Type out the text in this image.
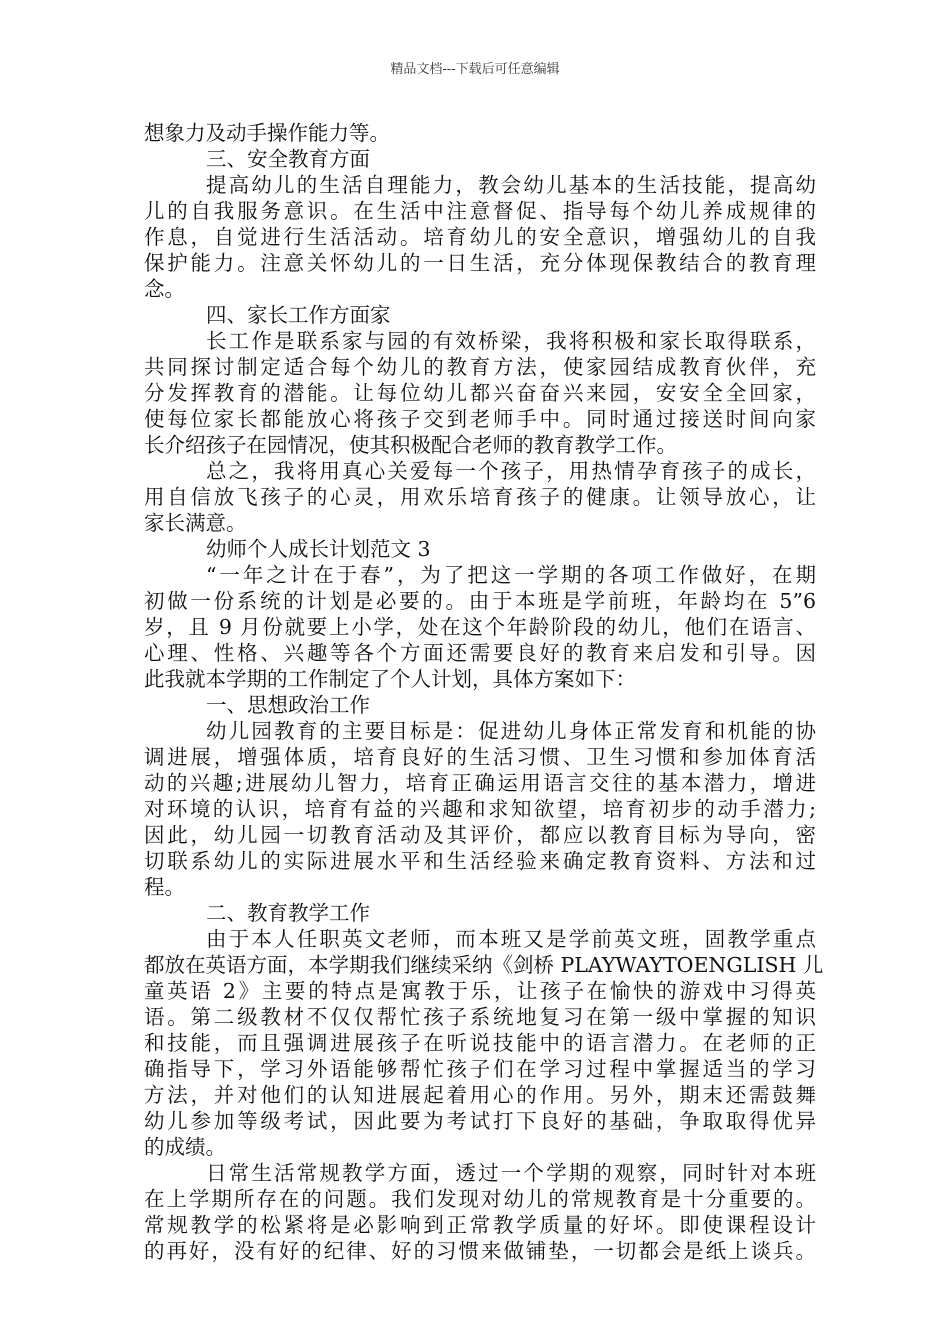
精品文档---下载后可任意编辑
想象力及动手操作能力等。
三、安全教育方面
提高幼儿的生活自理能力，教会幼儿基本的生活技能，提高幼
儿的自我服务意识。在生活中注意督促、指导每个幼儿养成规律的
作息，自觉进行生活活动。培育幼儿的安全意识，增强幼儿的自我
保护能力。注意关怀幼儿的一日生活，充分体现保教结合的教育理
念。
四、家长工作方面家
长工作是联系家与园的有效桥梁，我将积极和家长取得联系，
共同探讨制定适合每个幼儿的教育方法，使家园结成教育伙伴，充
分发挥教育的潜能。让每位幼儿都兴奋奋兴来园，安安全全回家，
使每位家长都能放心将孩子交到老师手中。同时通过接送时间向家
长介绍孩子在园情况，使其积极配合老师的教育教学工作。
总之，我将用真心关爱每一个孩子，用热情孕育孩子的成长，
用自信放飞孩子的心灵，用欢乐培育孩子的健康。让领导放心，让
家长满意。
幼师个人成长计划范文 3
“一年之计在于春”，为了把这一学期的各项工作做好，在期
初做一份系统的计划是必要的。由于本班是学前班，年龄均在 5”6
岁，且 9 月份就要上小学，处在这个年龄阶段的幼儿，他们在语言、
心理、性格、兴趣等各个方面还需要良好的教育来启发和引导。因
此我就本学期的工作制定了个人计划，具体方案如下：
一、思想政治工作
幼儿园教育的主要目标是：促进幼儿身体正常发育和机能的协
调进展，增强体质，培育良好的生活习惯、卫生习惯和参加体育活
动的兴趣;进展幼儿智力，培育正确运用语言交往的基本潜力，增进
对环境的认识，培育有益的兴趣和求知欲望，培育初步的动手潜力;
因此，幼儿园一切教育活动及其评价，都应以教育目标为导向，密
切联系幼儿的实际进展水平和生活经验来确定教育资料、方法和过
程。
二、教育教学工作
由于本人任职英文老师，而本班又是学前英文班，固教学重点
都放在英语方面，本学期我们继续采纳《剑桥 PLAYWAYTOENGLISH 儿
童英语 2》主要的特点是寓教于乐，让孩子在愉快的游戏中习得英
语。第二级教材不仅仅帮忙孩子系统地复习在第一级中掌握的知识
和技能，而且强调进展孩子在听说技能中的语言潜力。在老师的正
确指导下，学习外语能够帮忙孩子们在学习过程中掌握适当的学习
方法，并对他们的认知进展起着用心的作用。另外，期末还需鼓舞
幼儿参加等级考试，因此要为考试打下良好的基础，争取取得优异
的成绩。
日常生活常规教学方面，透过一个学期的观察，同时针对本班
在上学期所存在的问题。我们发现对幼儿的常规教育是十分重要的。
常规教学的松紧将是必影响到正常教学质量的好坏。即使课程设计
的再好，没有好的纪律、好的习惯来做铺垫，一切都会是纸上谈兵。
